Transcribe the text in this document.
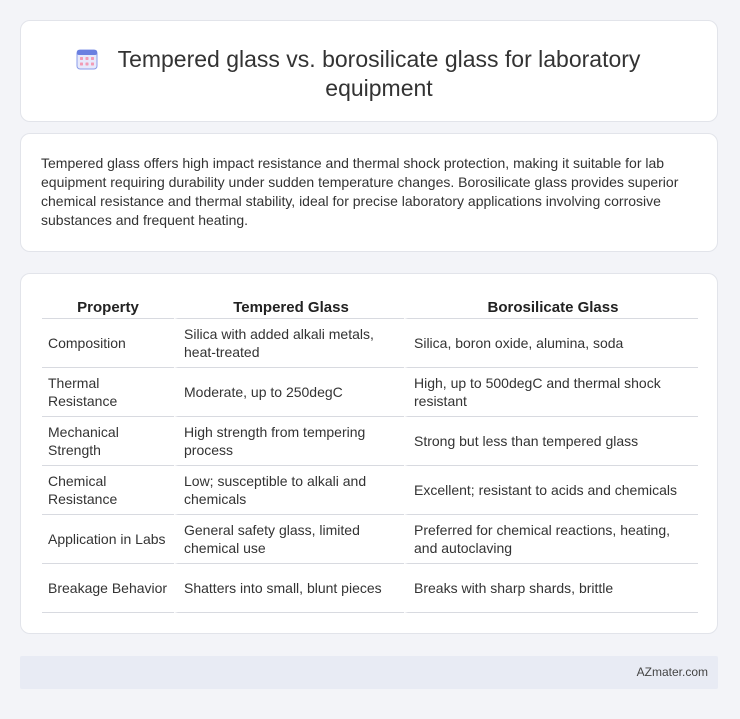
Tempered glass vs. borosilicate glass for laboratory equipment

Tempered glass offers high impact resistance and thermal shock protection, making it suitable for lab equipment requiring durability under sudden temperature changes. Borosilicate glass provides superior chemical resistance and thermal stability, ideal for precise laboratory applications involving corrosive substances and frequent heating.

Property	Tempered Glass	Borosilicate Glass
Composition	Silica with added alkali metals, heat-treated	Silica, boron oxide, alumina, soda
Thermal Resistance	Moderate, up to 250degC	High, up to 500degC and thermal shock resistant
Mechanical Strength	High strength from tempering process	Strong but less than tempered glass
Chemical Resistance	Low; susceptible to alkali and chemicals	Excellent; resistant to acids and chemicals
Application in Labs	General safety glass, limited chemical use	Preferred for chemical reactions, heating, and autoclaving
Breakage Behavior	Shatters into small, blunt pieces	Breaks with sharp shards, brittle
AZmater.com
